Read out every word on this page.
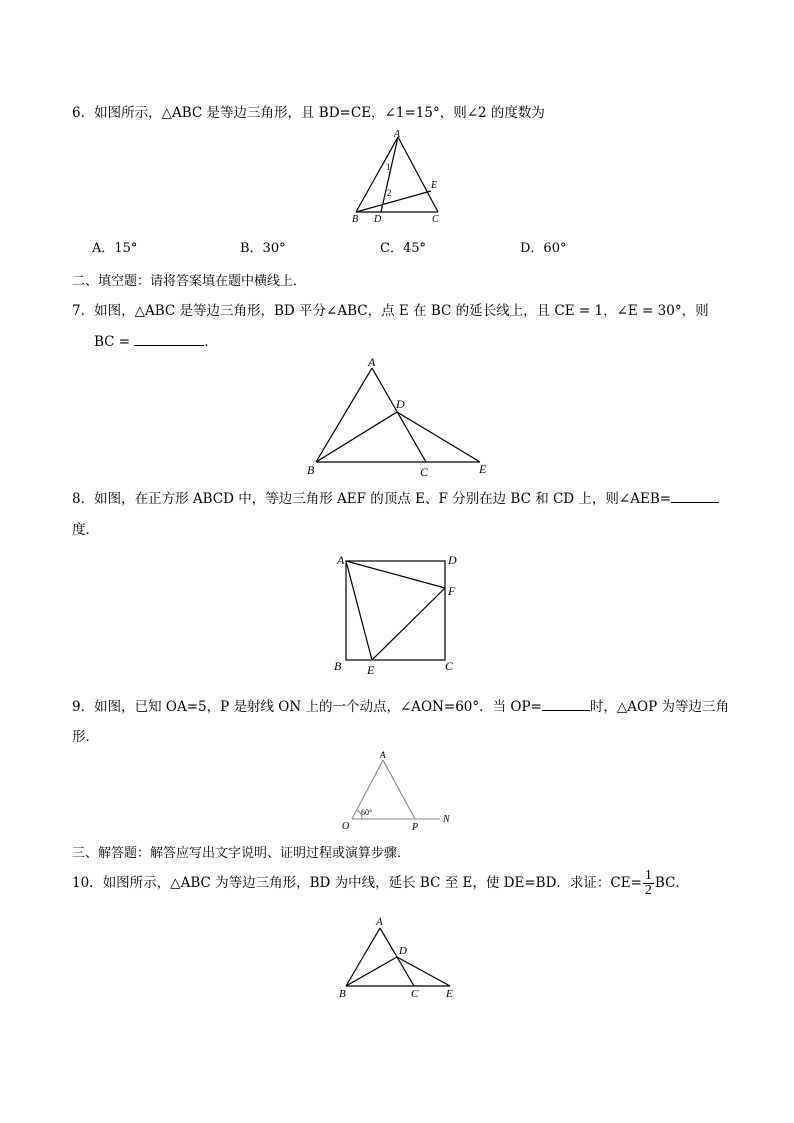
6．如图所示，△ABC 是等边三角形，且 BD=CE，∠1=15°，则∠2 的度数为
A
B	C
D
E
1
2
A．15°	B．30°	C．45°	D．60°
二、填空题：请将答案填在题中横线上．
7．如图，△ABC 是等边三角形，BD 平分∠ABC，点 E 在 BC 的延长线上，且 CE = 1，∠E = 30°，则
BC =	．
A
B	C
D
E
8．如图，在正方形 ABCD 中，等边三角形 AEF 的顶点 E、F 分别在边 BC 和 CD 上，则∠AEB=
度．
A	D
F
B E	C
9．如图，已知 OA=5，P 是射线 ON 上的一个动点，∠AON=60°．当 OP=	时，△AOP 为等边三角
形．
A
O	P
N
60°
三、解答题：解答应写出文字说明、证明过程或演算步骤．
10．如图所示，△ABC 为等边三角形，BD 为中线，延长 BC 至 E，使 DE=BD．求证：$CE= \frac{1}{2}$ BC．
A
B	C
D
E
